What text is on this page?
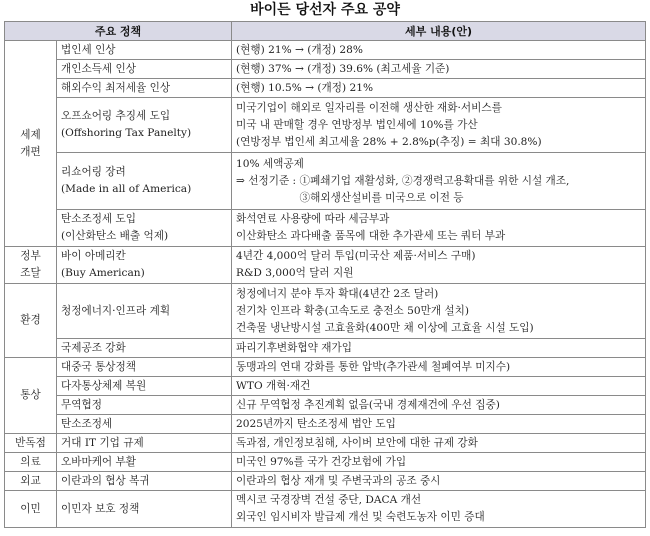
바이든 당선자 주요 공약
주요 정책		세부 내용(안)

세제
개편	법인세 인상	(현행) 21% → (개정) 28%

	개인소득세 인상	(현행) 37% → (개정) 39.6% (최고세율 기준)

	해외수익 최저세율 인상	(현행) 10.5% → (개정) 21%

	오프쇼어링 추징세 도입
(Offshoring Tax Panelty)	미국기업이 해외로 일자리를 이전해 생산한 재화·서비스를
미국 내 판매할 경우 연방정부 법인세에 10%를 가산
(연방정부 법인세 최고세율 28% + 2.8%p(추징) = 최대 30.8%)

	리쇼어링 장려
(Made in all of America)	10% 세액공제
⇒ 선정기준 : ①폐쇄기업 재활성화, ②경쟁력고용확대를 위한 시설 개조,
　　　　　　③해외생산설비를 미국으로 이전 등

	탄소조정세 도입
(이산화탄소 배출 억제)	화석연료 사용량에 따라 세금부과
이산화탄소 과다배출 품목에 대한 추가관세 또는 쿼터 부과

정부
조달	바이 아메리칸
(Buy American)	4년간 4,000억 달러 투입(미국산 제품·서비스 구매)
R&D 3,000억 달러 지원

환경	청정에너지·인프라 계획	청정에너지 분야 투자 확대(4년간 2조 달러)
전기차 인프라 확충(고속도로 충전소 50만개 설치)
건축물 냉난방시설 고효율화(400만 채 이상에 고효율 시설 도입)

	국제공조 강화	파리기후변화협약 재가입

통상	대중국 통상정책	동맹과의 연대 강화를 통한 압박(추가관세 철폐여부 미지수)

	다자통상체제 복원	WTO 개혁·재건

	무역협정	신규 무역협정 추진계획 없음(국내 경제재건에 우선 집중)

	탄소조정세	2025년까지 탄소조정세 법안 도입

반독점	거대 IT 기업 규제	독과점, 개인정보침해, 사이버 보안에 대한 규제 강화

의료	오바마케어 부활	미국인 97%를 국가 건강보험에 가입

외교	이란과의 협상 복귀	이란과의 협상 재개 및 주변국과의 공조 중시

이민	이민자 보호 정책	멕시코 국경장벽 건설 중단, DACA 개선
외국인 임시비자 발급제 개선 및 숙련도농자 이민 증대
